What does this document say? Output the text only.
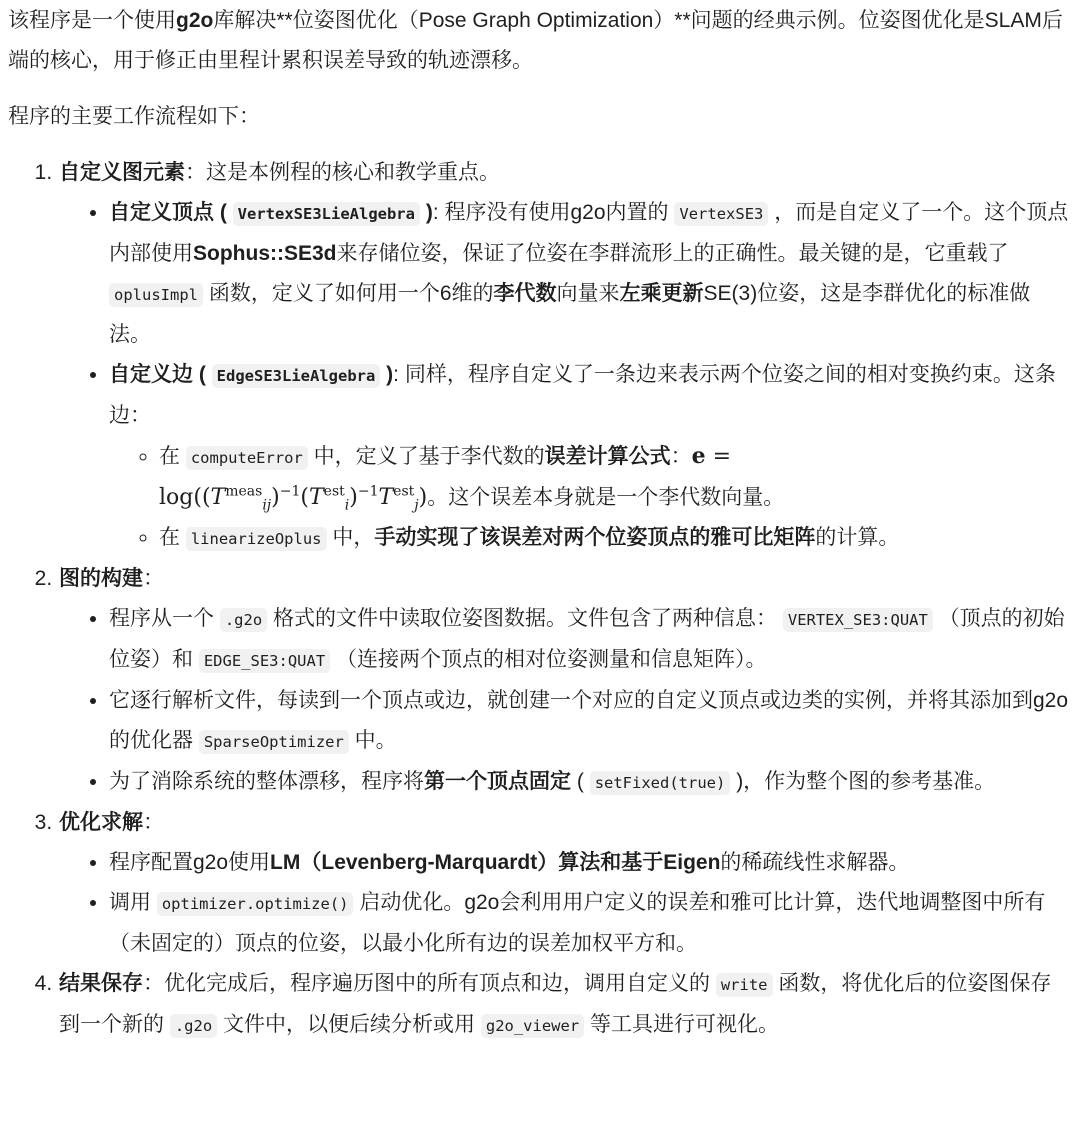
该程序是一个使用g2o库解决**位姿图优化（Pose Graph Optimization）**问题的经典示例。位姿图优化是SLAM后端的核心，用于修正由里程计累积误差导致的轨迹漂移。

程序的主要工作流程如下：

1. 自定义图元素：这是本例程的核心和教学重点。
• 自定义顶点 ( VertexSE3LieAlgebra ): 程序没有使用g2o内置的 VertexSE3 ，而是自定义了一个。这个顶点内部使用Sophus::SE3d来存储位姿，保证了位姿在李群流形上的正确性。最关键的是，它重载了 oplusImpl 函数，定义了如何用一个6维的李代数向量来左乘更新SE(3)位姿，这是李群优化的标准做法。
• 自定义边 ( EdgeSE3LieAlgebra ): 同样，程序自定义了一条边来表示两个位姿之间的相对变换约束。这条边：
◦ 在 computeError 中，定义了基于李代数的误差计算公式：e =
$\log((T^{meas}_{ij})^{-1}(T^{est}_i)^{-1}T^{est}_j)$。这个误差本身就是一个李代数向量。
◦ 在 linearizeOplus 中，手动实现了该误差对两个位姿顶点的雅可比矩阵的计算。
2. 图的构建：
• 程序从一个 .g2o 格式的文件中读取位姿图数据。文件包含了两种信息： VERTEX_SE3:QUAT （顶点的初始位姿）和 EDGE_SE3:QUAT （连接两个顶点的相对位姿测量和信息矩阵）。
• 它逐行解析文件，每读到一个顶点或边，就创建一个对应的自定义顶点或边类的实例，并将其添加到g2o的优化器 SparseOptimizer 中。
• 为了消除系统的整体漂移，程序将第一个顶点固定 ( setFixed(true) )，作为整个图的参考基准。
3. 优化求解：
• 程序配置g2o使用LM（Levenberg-Marquardt）算法和基于Eigen的稀疏线性求解器。
• 调用 optimizer.optimize() 启动优化。g2o会利用用户定义的误差和雅可比计算，迭代地调整图中所有（未固定的）顶点的位姿，以最小化所有边的误差加权平方和。
4. 结果保存：优化完成后，程序遍历图中的所有顶点和边，调用自定义的 write 函数，将优化后的位姿图保存到一个新的 .g2o 文件中，以便后续分析或用 g2o_viewer 等工具进行可视化。
